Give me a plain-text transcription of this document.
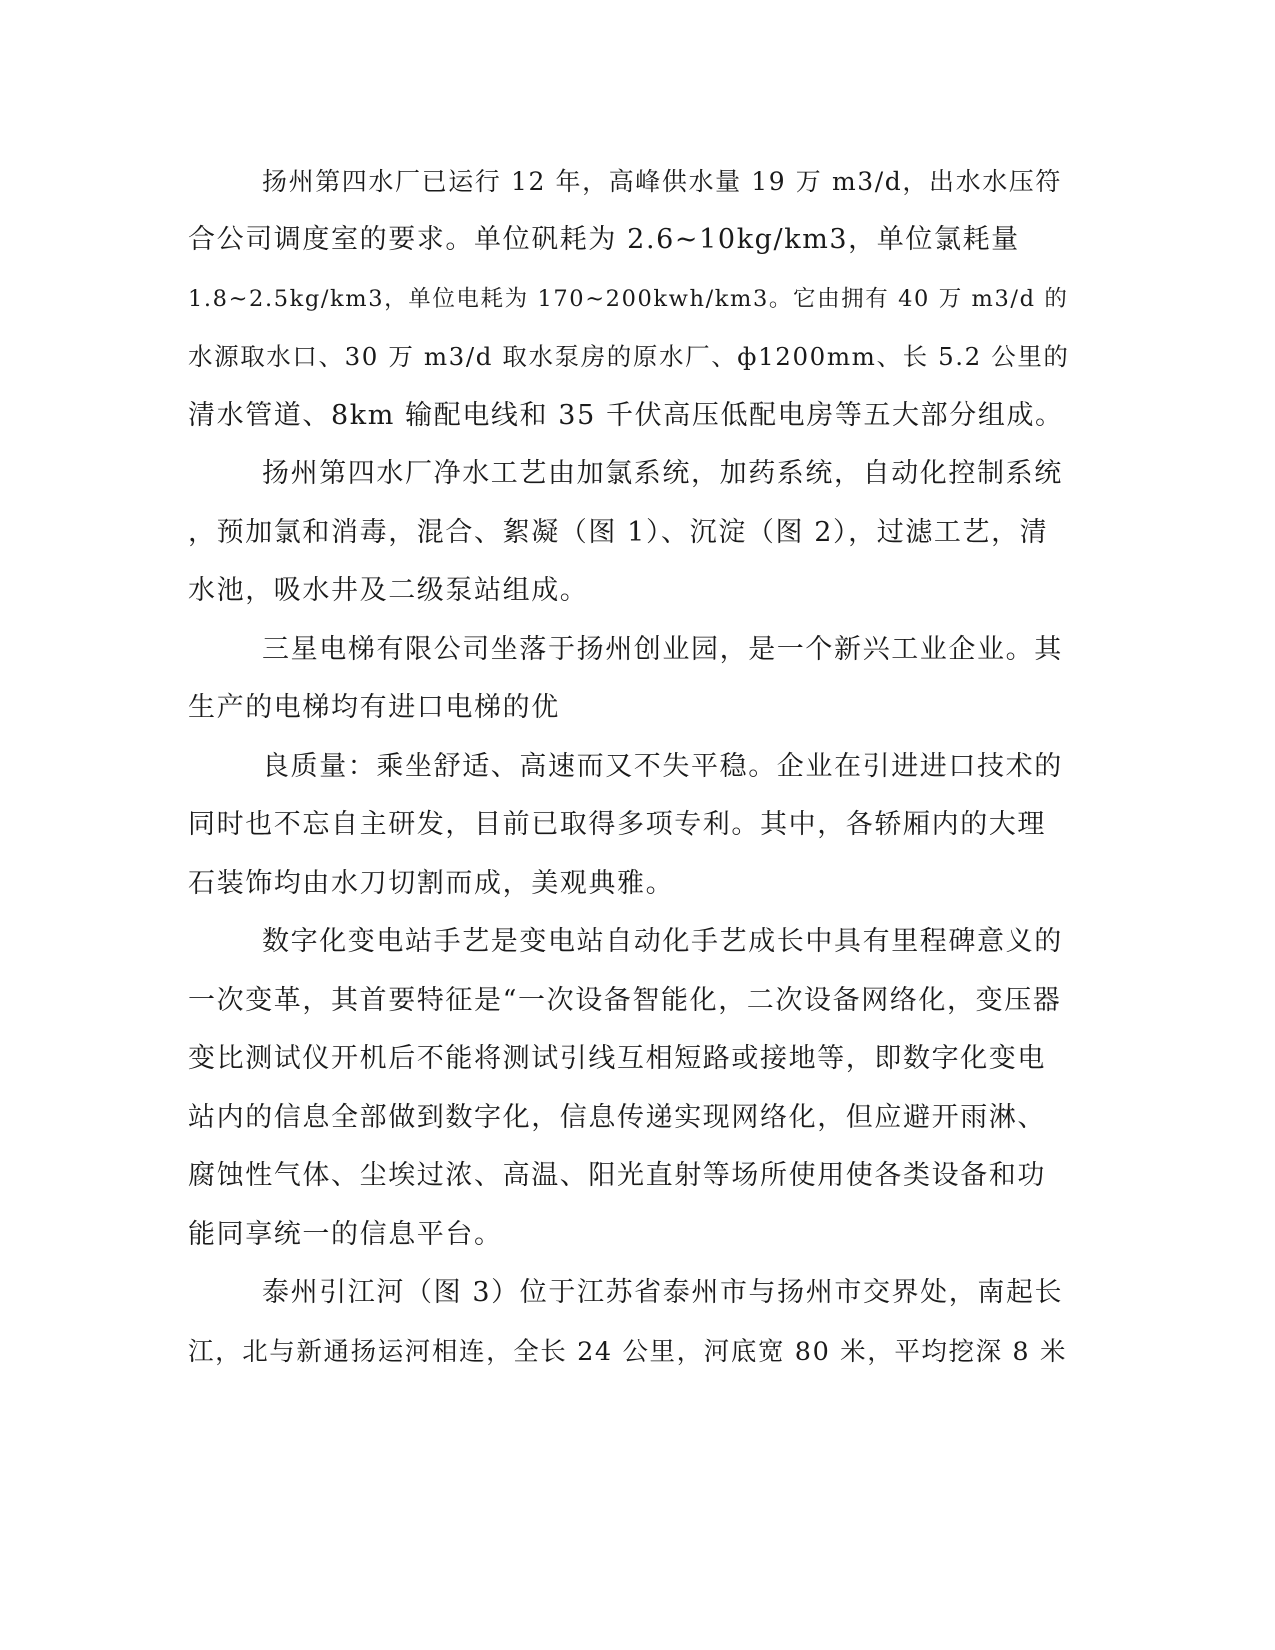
扬州第四水厂已运行 12 年，高峰供水量 19 万 m3/d，出水水压符
合公司调度室的要求。单位矾耗为 2.6~10kg/km3，单位氯耗量
1.8~2.5kg/km3，单位电耗为 170~200kwh/km3。它由拥有 40 万 m3/d 的
水源取水口、30 万 m3/d 取水泵房的原水厂、ф1200mm、长 5.2 公里的
清水管道、8km 输配电线和 35 千伏高压低配电房等五大部分组成。
扬州第四水厂净水工艺由加氯系统，加药系统，自动化控制系统
，预加氯和消毒，混合、絮凝（图 1）、沉淀（图 2），过滤工艺，清
水池，吸水井及二级泵站组成。
三星电梯有限公司坐落于扬州创业园，是一个新兴工业企业。其
生产的电梯均有进口电梯的优
良质量：乘坐舒适、高速而又不失平稳。企业在引进进口技术的
同时也不忘自主研发，目前已取得多项专利。其中，各轿厢内的大理
石装饰均由水刀切割而成，美观典雅。
数字化变电站手艺是变电站自动化手艺成长中具有里程碑意义的
一次变革，其首要特征是“一次设备智能化，二次设备网络化，变压器
变比测试仪开机后不能将测试引线互相短路或接地等，即数字化变电
站内的信息全部做到数字化，信息传递实现网络化，但应避开雨淋、
腐蚀性气体、尘埃过浓、高温、阳光直射等场所使用使各类设备和功
能同享统一的信息平台。
泰州引江河（图 3）位于江苏省泰州市与扬州市交界处，南起长
江，北与新通扬运河相连，全长 24 公里，河底宽 80 米，平均挖深 8 米
